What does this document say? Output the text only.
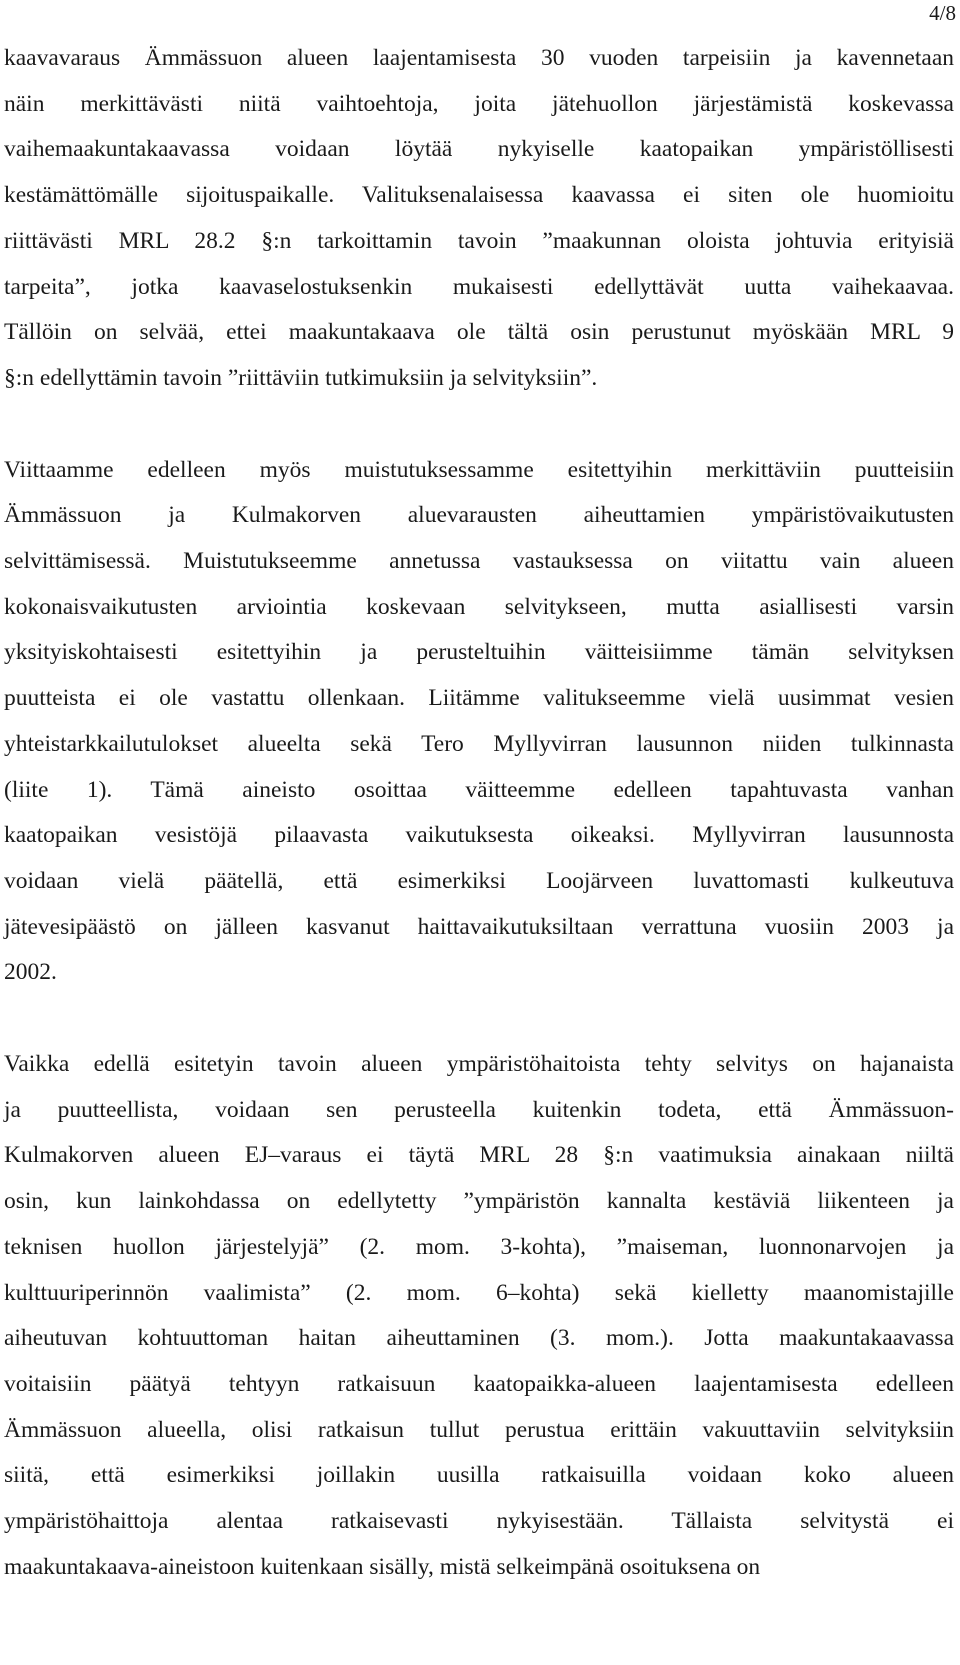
4/8

kaavavaraus Ämmässuon alueen laajentamisesta 30 vuoden tarpeisiin ja kavennetaan
näin merkittävästi niitä vaihtoehtoja, joita jätehuollon järjestämistä koskevassa
vaihemaakuntakaavassa voidaan löytää nykyiselle kaatopaikan ympäristöllisesti
kestämättömälle sijoituspaikalle. Valituksenalaisessa kaavassa ei siten ole huomioitu
riittävästi MRL 28.2 §:n tarkoittamin tavoin ”maakunnan oloista johtuvia erityisiä
tarpeita”, jotka kaavaselostuksenkin mukaisesti edellyttävät uutta vaihekaavaa.
Tällöin on selvää, ettei maakuntakaava ole tältä osin perustunut myöskään MRL 9
§:n edellyttämin tavoin ”riittäviin tutkimuksiin ja selvityksiin”.

Viittaamme edelleen myös muistutuksessamme esitettyihin merkittäviin puutteisiin
Ämmässuon ja Kulmakorven aluevarausten aiheuttamien ympäristövaikutusten
selvittämisessä. Muistutukseemme annetussa vastauksessa on viitattu vain alueen
kokonaisvaikutusten arviointia koskevaan selvitykseen, mutta asiallisesti varsin
yksityiskohtaisesti esitettyihin ja perusteltuihin väitteisiimme tämän selvityksen
puutteista ei ole vastattu ollenkaan. Liitämme valitukseemme vielä uusimmat vesien
yhteistarkkailutulokset alueelta sekä Tero Myllyvirran lausunnon niiden tulkinnasta
(liite 1). Tämä aineisto osoittaa väitteemme edelleen tapahtuvasta vanhan
kaatopaikan vesistöjä pilaavasta vaikutuksesta oikeaksi. Myllyvirran lausunnosta
voidaan vielä päätellä, että esimerkiksi Loojärveen luvattomasti kulkeutuva
jätevesipäästö on jälleen kasvanut haittavaikutuksiltaan verrattuna vuosiin 2003 ja
2002.

Vaikka edellä esitetyin tavoin alueen ympäristöhaitoista tehty selvitys on hajanaista
ja puutteellista, voidaan sen perusteella kuitenkin todeta, että Ämmässuon-
Kulmakorven alueen EJ–varaus ei täytä MRL 28 §:n vaatimuksia ainakaan niiltä
osin, kun lainkohdassa on edellytetty ”ympäristön kannalta kestäviä liikenteen ja
teknisen huollon järjestelyjä” (2. mom. 3-kohta), ”maiseman, luonnonarvojen ja
kulttuuriperinnön vaalimista” (2. mom. 6–kohta) sekä kielletty maanomistajille
aiheutuvan kohtuuttoman haitan aiheuttaminen (3. mom.). Jotta maakuntakaavassa
voitaisiin päätyä tehtyyn ratkaisuun kaatopaikka-alueen laajentamisesta edelleen
Ämmässuon alueella, olisi ratkaisun tullut perustua erittäin vakuuttaviin selvityksiin
siitä, että esimerkiksi joillakin uusilla ratkaisuilla voidaan koko alueen
ympäristöhaittoja alentaa ratkaisevasti nykyisestään. Tällaista selvitystä ei
maakuntakaava-aineistoon kuitenkaan sisälly, mistä selkeimpänä osoituksena on
